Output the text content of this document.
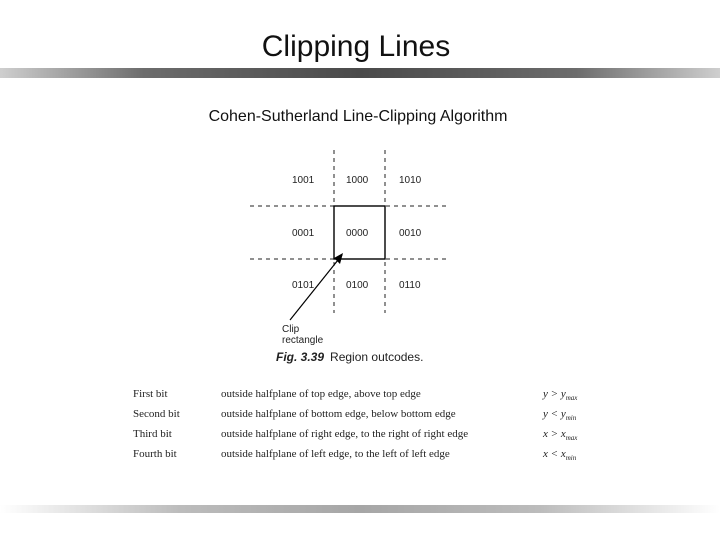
Clipping Lines
Cohen-Sutherland Line-Clipping Algorithm
1001	1000	1010
0001	0000	0010
0101	0100	0110
Clip
rectangle
Fig. 3.39 Region outcodes.
First bit	outside halfplane of top edge, above top edge	$y > y_{max}$
Second bit	outside halfplane of bottom edge, below bottom edge	$y < y_{min}$
Third bit	outside halfplane of right edge, to the right of right edge	$x > x_{max}$
Fourth bit	outside halfplane of left edge, to the left of left edge	$x < x_{min}$
